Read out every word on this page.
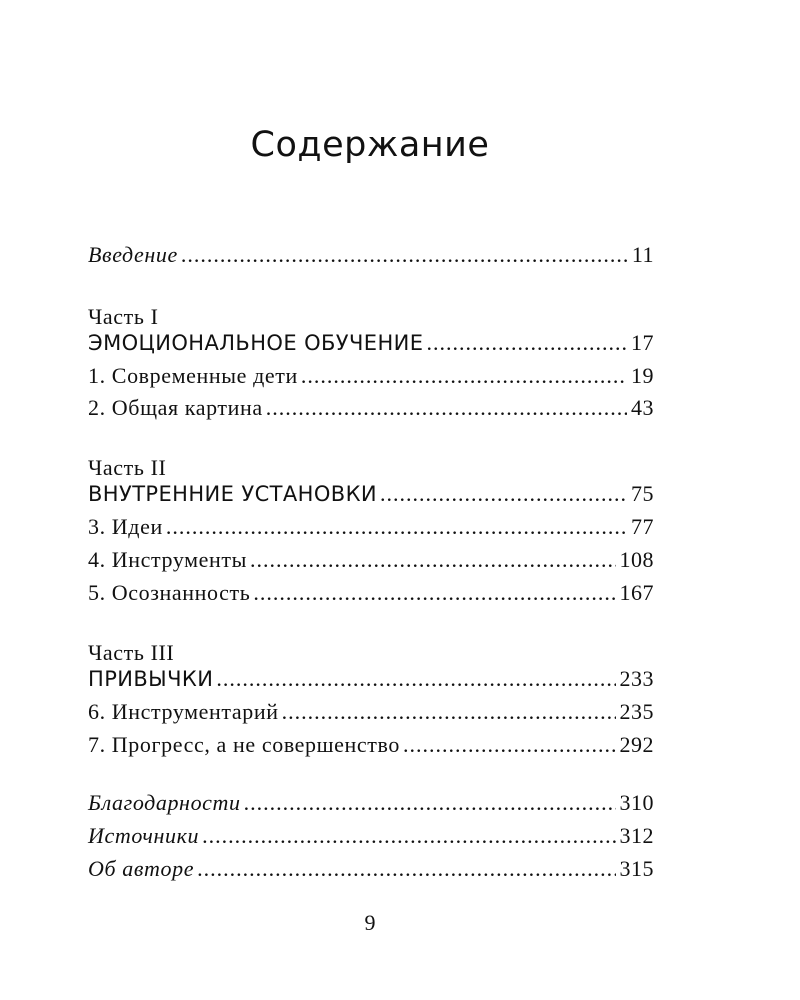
Содержание
Введение .....	11
Часть I
ЭМОЦИОНАЛЬНОЕ ОБУЧЕНИЕ .....	17
1. Современные дети .....	19
2. Общая картина .....	43
Часть II
ВНУТРЕННИЕ УСТАНОВКИ .....	75
3. Идеи .....	77
4. Инструменты .....	108
5. Осознанность .....	167
Часть III
ПРИВЫЧКИ .....	233
6. Инструментарий .....	235
7. Прогресс, а не совершенство .....	292
Благодарности .....	310
Источники .....	312
Об авторе .....	315
9
